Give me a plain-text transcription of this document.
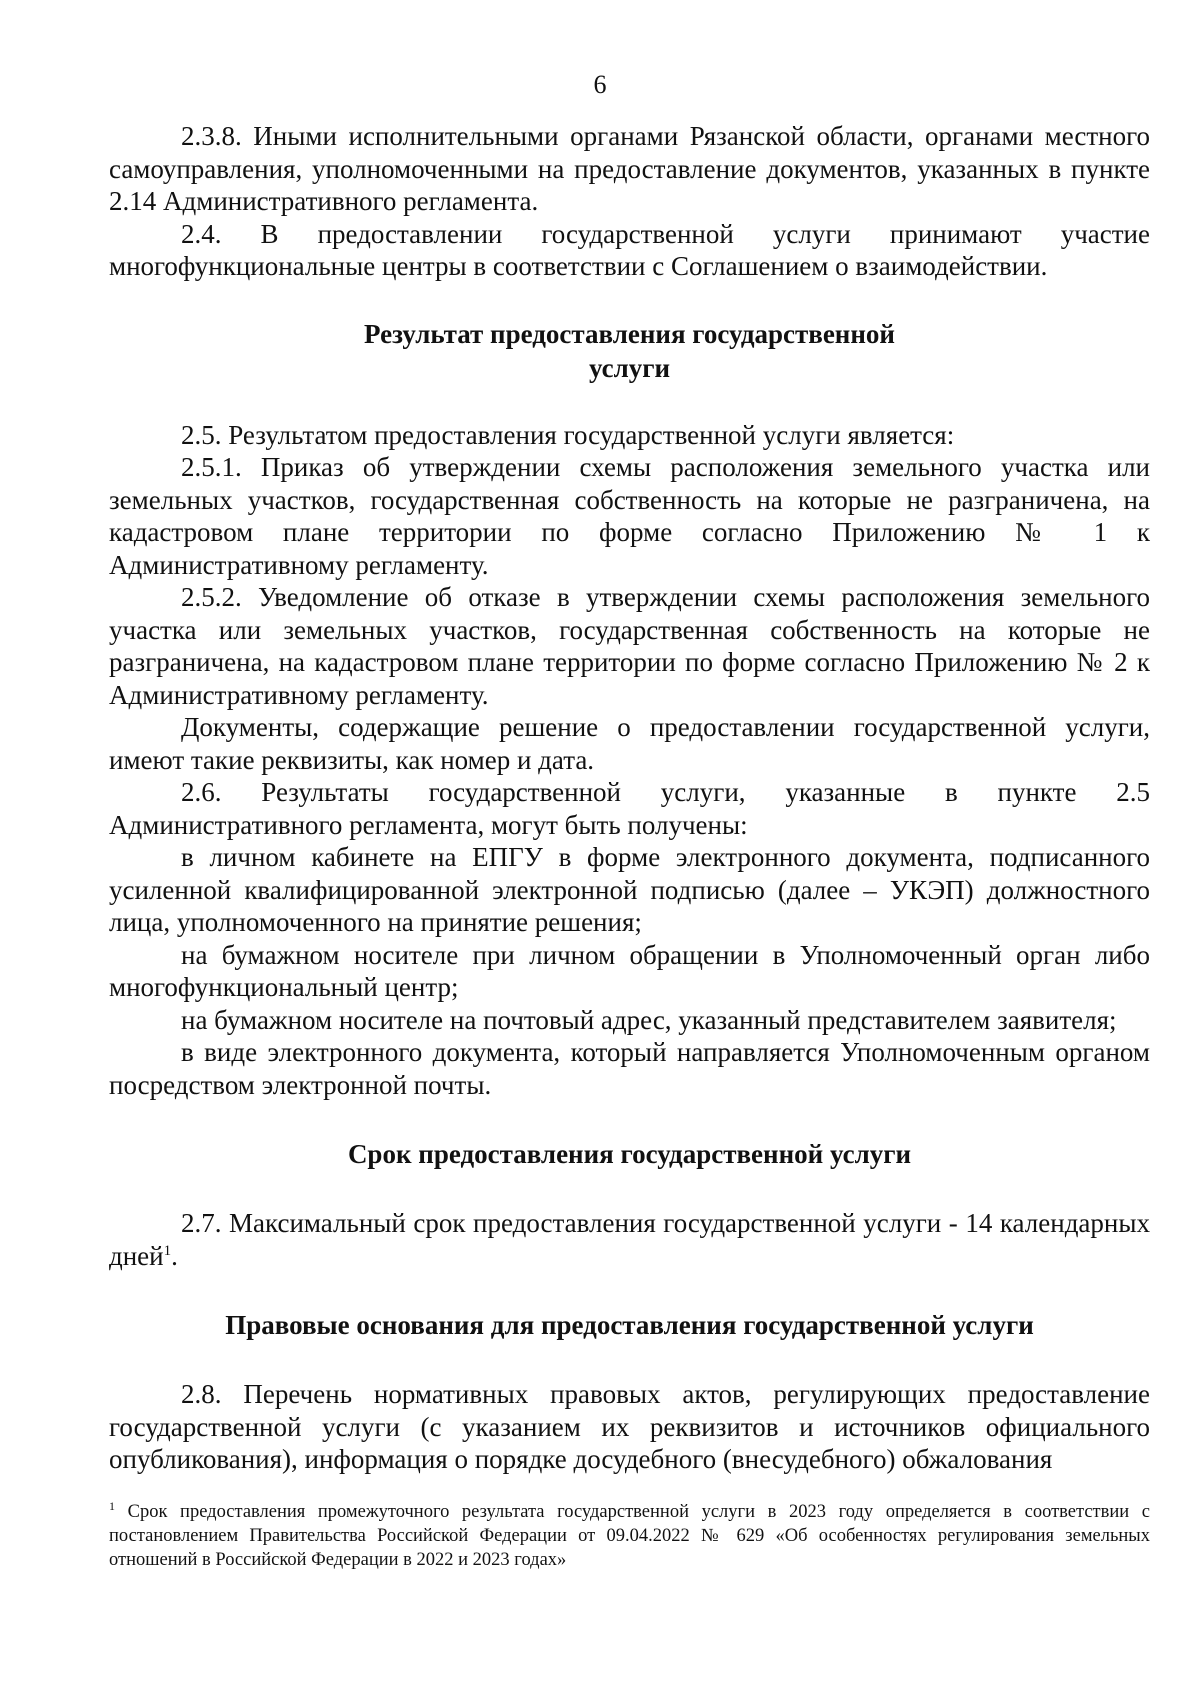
6

2.3.8. Иными исполнительными органами Рязанской области, органами местного самоуправления, уполномоченными на предоставление документов, указанных в пункте 2.14 Административного регламента.

2.4. В предоставлении государственной услуги принимают участие многофункциональные центры в соответствии с Соглашением о взаимодействии.

Результат предоставления государственной
услуги

2.5. Результатом предоставления государственной услуги является:

2.5.1. Приказ об утверждении схемы расположения земельного участка или земельных участков, государственная собственность на которые не разграничена, на кадастровом плане территории по форме согласно Приложению № 1 к Административному регламенту.

2.5.2. Уведомление об отказе в утверждении схемы расположения земельного участка или земельных участков, государственная собственность на которые не разграничена, на кадастровом плане территории по форме согласно Приложению № 2 к Административному регламенту.

Документы, содержащие решение о предоставлении государственной услуги, имеют такие реквизиты, как номер и дата.

2.6. Результаты государственной услуги, указанные в пункте 2.5 Административного регламента, могут быть получены:

в личном кабинете на ЕПГУ в форме электронного документа, подписанного усиленной квалифицированной электронной подписью (далее – УКЭП) должностного лица, уполномоченного на принятие решения;

на бумажном носителе при личном обращении в Уполномоченный орган либо многофункциональный центр;

на бумажном носителе на почтовый адрес, указанный представителем заявителя;

в виде электронного документа, который направляется Уполномоченным органом посредством электронной почты.

Срок предоставления государственной услуги

2.7. Максимальный срок предоставления государственной услуги - 14 календарных дней$^1$.

Правовые основания для предоставления государственной услуги

2.8. Перечень нормативных правовых актов, регулирующих предоставление государственной услуги (с указанием их реквизитов и источников официального опубликования), информация о порядке досудебного (внесудебного) обжалования

$^1$ Срок предоставления промежуточного результата государственной услуги в 2023 году определяется в соответствии с постановлением Правительства Российской Федерации от 09.04.2022 № 629 «Об особенностях регулирования земельных отношений в Российской Федерации в 2022 и 2023 годах»
